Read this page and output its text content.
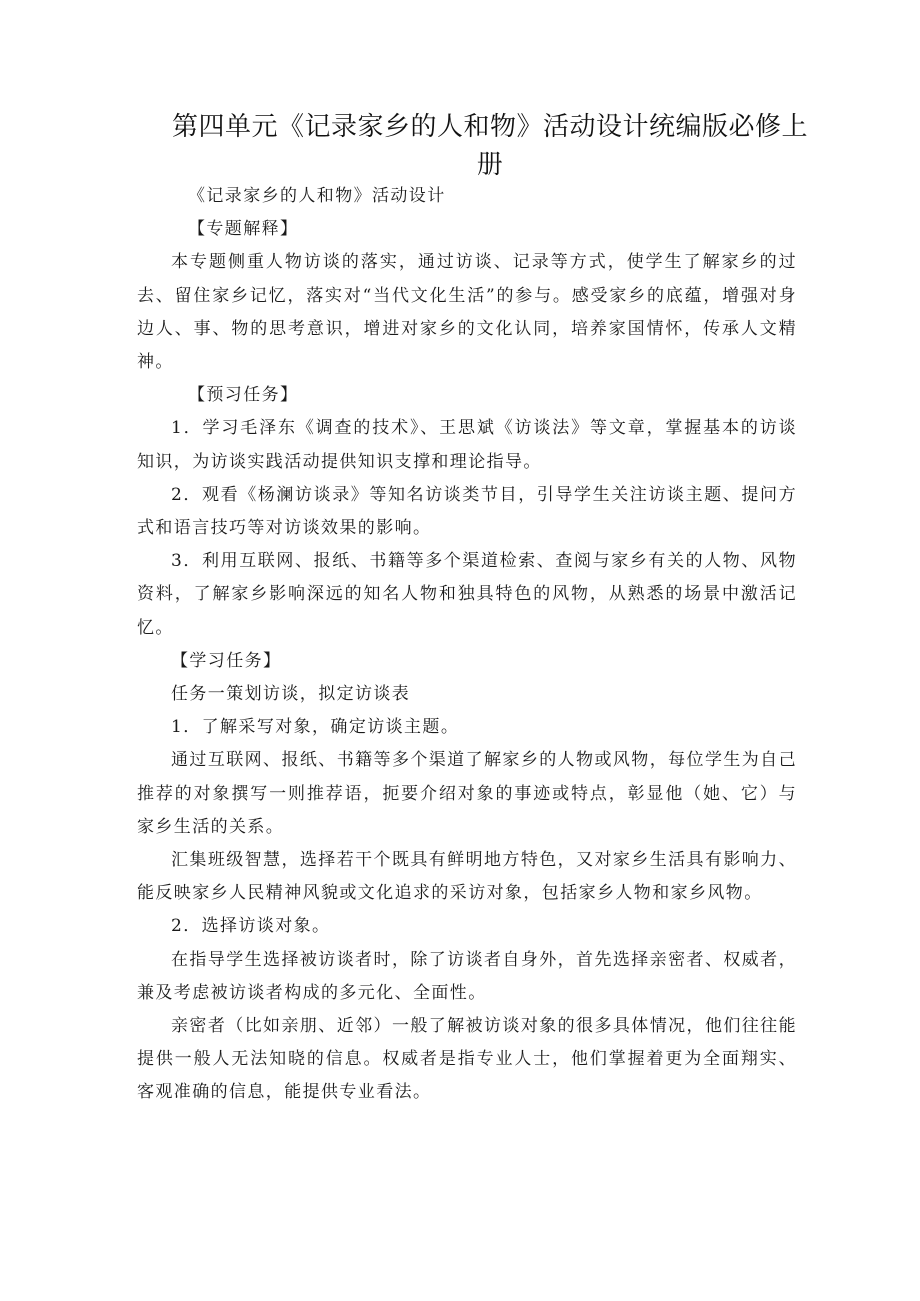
第四单元《记录家乡的人和物》活动设计统编版必修上册

《记录家乡的人和物》活动设计

【专题解释】

本专题侧重人物访谈的落实，通过访谈、记录等方式，使学生了解家乡的过去、留住家乡记忆，落实对“当代文化生活”的参与。感受家乡的底蕴，增强对身边人、事、物的思考意识，增进对家乡的文化认同，培养家国情怀，传承人文精神。

【预习任务】

1．学习毛泽东《调查的技术》、王思斌《访谈法》等文章，掌握基本的访谈知识，为访谈实践活动提供知识支撑和理论指导。

2．观看《杨澜访谈录》等知名访谈类节目，引导学生关注访谈主题、提问方式和语言技巧等对访谈效果的影响。

3．利用互联网、报纸、书籍等多个渠道检索、查阅与家乡有关的人物、风物资料，了解家乡影响深远的知名人物和独具特色的风物，从熟悉的场景中激活记忆。

【学习任务】

任务一策划访谈，拟定访谈表

1．了解采写对象，确定访谈主题。

通过互联网、报纸、书籍等多个渠道了解家乡的人物或风物，每位学生为自己推荐的对象撰写一则推荐语，扼要介绍对象的事迹或特点，彰显他（她、它）与家乡生活的关系。

汇集班级智慧，选择若干个既具有鲜明地方特色，又对家乡生活具有影响力、能反映家乡人民精神风貌或文化追求的采访对象，包括家乡人物和家乡风物。

2．选择访谈对象。

在指导学生选择被访谈者时，除了访谈者自身外，首先选择亲密者、权威者，兼及考虑被访谈者构成的多元化、全面性。

亲密者（比如亲朋、近邻）一般了解被访谈对象的很多具体情况，他们往往能提供一般人无法知晓的信息。权威者是指专业人士，他们掌握着更为全面翔实、客观准确的信息，能提供专业看法。
